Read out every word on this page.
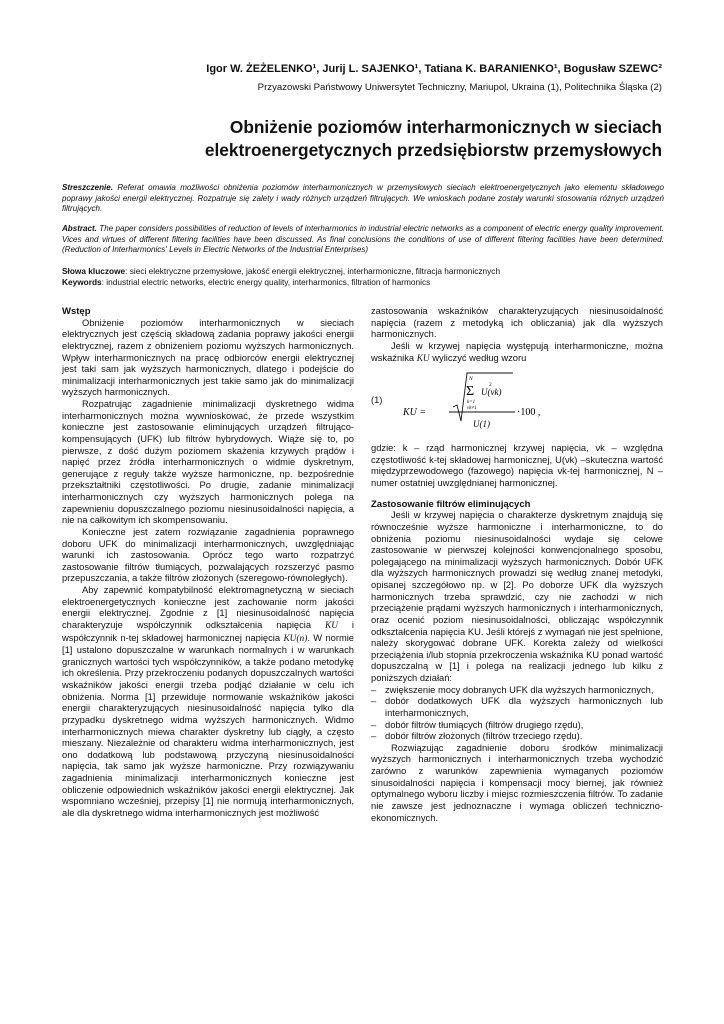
Igor W. ŻEŻELENKO¹, Jurij L. SAJENKO¹, Tatiana K. BARANIENKO¹, Bogusław SZEWC²
Przyazowski Państwowy Uniwersytet Techniczny, Mariupol, Ukraina (1), Politechnika Śląska (2)
Obniżenie poziomów interharmonicznych w sieciach
elektroenergetycznych przedsiębiorstw przemysłowych
Streszczenie. Referat omawia możliwości obniżenia poziomów interharmonicznych w przemysłowych sieciach elektroenergetycznych jako elementu składowego poprawy jakości energii elektrycznej. Rozpatruje się zalety i wady różnych urządzeń filtrujących. We wnioskach podane zostały warunki stosowania różnych urządzeń filtrujących.
Abstract. The paper considers possibilities of reduction of levels of interharmonics in industrial electric networks as a component of electric energy quality improvement. Vices and virtues of different filtering facilities have been discussed. As final conclusions the conditions of use of different filtering facilities have been determined. (Reduction of Interharmonics' Levels in Electric Networks of the Industrial Enterprises)
Słowa kluczowe: sieci elektryczne przemysłowe, jakość energii elektrycznej, interharmoniczne, filtracja harmonicznych
Keywords: industrial electric networks, electric energy quality, interharmonics, filtration of harmonics
Wstęp

Obniżenie poziomów interharmonicznych w sieciach elektrycznych jest częścią składową zadania poprawy jakości energii elektrycznej, razem z obniżeniem poziomu wyższych harmonicznych. Wpływ interharmonicznych na pracę odbiorców energii elektrycznej jest taki sam jak wyższych harmonicznych, dlatego i podejście do minimalizacji interharmonicznych jest takie samo jak do minimalizacji wyższych harmonicznych.

Rozpatrując zagadnienie minimalizacji dyskretnego widma interharmonicznych można wywnioskować, że przede wszystkim konieczne jest zastosowanie eliminujących urządzeń filtrująco-kompensujących (UFK) lub filtrów hybrydowych. Wiąże się to, po pierwsze, z dość dużym poziomem skażenia krzywych prądów i napięć przez źródła interharmonicznych o widmie dyskretnym, generujące z reguły także wyższe harmoniczne, np. bezpośrednie przekształtniki częstotliwości. Po drugie, zadanie minimalizacji interharmonicznych czy wyższych harmonicznych polega na zapewnieniu dopuszczalnego poziomu niesinusoidalności napięcia, a nie na całkowitym ich skompensowaniu.

Konieczne jest zatem rozwiązanie zagadnienia poprawnego doboru UFK do minimalizacji interharmonicznych, uwzględniając warunki ich zastosowania. Oprócz tego warto rozpatrzyć zastosowanie filtrów tłumiących, pozwalających rozszerzyć pasmo przepuszczania, a także filtrów złożonych (szeregowo-równoległych).

Aby zapewnić kompatybilność elektromagnetyczną w sieciach elektroenergetycznych konieczne jest zachowanie norm jakości energii elektrycznej. Zgodnie z [1] niesinusoidalność napięcia charakteryzuje współczynnik odkształcenia napięcia KU i współczynnik n-tej składowej harmonicznej napięcia KU(n). W normie [1] ustalono dopuszczalne w warunkach normalnych i w warunkach granicznych wartości tych współczynników, a także podano metodykę ich określenia. Przy przekroczeniu podanych dopuszczalnych wartości wskaźników jakości energii trzeba podjąć działanie w celu ich obniżenia. Norma [1] przewiduje normowanie wskaźników jakości energii charakteryzujących niesinusoidalność napięcia tylko dla przypadku dyskretnego widma wyższych harmonicznych. Widmo interharmonicznych miewa charakter dyskretny lub ciągły, a często mieszany. Niezależnie od charakteru widma interharmonicznych, jest ono dodatkową lub podstawową przyczyną niesinusoidalności napięcia, tak samo jak wyższe harmoniczne. Przy rozwiązywaniu zagadnienia minimalizacji interharmonicznych konieczne jest obliczenie odpowiednich wskaźników jakości energii elektrycznej. Jak wspomniano wcześniej, przepisy [1] nie normują interharmonicznych, ale dla dyskretnego widma interharmonicznych jest możliwość

zastosowania wskaźników charakteryzujących niesinusoidalność napięcia (razem z metodyką ich obliczania) jak dla wyższych harmonicznych.

Jeśli w krzywej napięcia występują interharmoniczne, można wskaźnika KU wyliczyć według wzoru

(1)
KU =
N
Σ
k=1
νk≠1
U(νk)
2
U(1)
·100 ,

gdzie: k – rząd harmonicznej krzywej napięcia, νk – względna częstotliwość k-tej składowej harmonicznej, U(νk) –skuteczna wartość międzyprzewodowego (fazowego) napięcia νk-tej harmonicznej, N – numer ostatniej uwzględnianej harmonicznej.

Zastosowanie filtrów eliminujących

Jeśli w krzywej napięcia o charakterze dyskretnym znajdują się równocześnie wyższe harmoniczne i interharmoniczne, to do obniżenia poziomu niesinusoidalności wydaje się celowe zastosowanie w pierwszej kolejności konwencjonalnego sposobu, polegającego na minimalizacji wyższych harmonicznych. Dobór UFK dla wyższych harmonicznych prowadzi się według znanej metodyki, opisanej szczegółowo np. w [2]. Po doborze UFK dla wyższych harmonicznych trzeba sprawdzić, czy nie zachodzi w nich przeciążenie prądami wyższych harmonicznych i interharmonicznych, oraz ocenić poziom niesinusoidalności, obliczając współczynnik odkształcenia napięcia KU. Jeśli którejś z wymagań nie jest spełnione, należy skorygować dobrane UFK. Korekta zależy od wielkości przeciążenia i/lub stopnia przekroczenia wskaźnika KU ponad wartość dopuszczalną w [1] i polega na realizacji jednego lub kilku z poniższych działań:

– zwiększenie mocy dobranych UFK dla wyższych harmonicznych,
– dobór dodatkowych UFK dla wyższych harmonicznych lub interharmonicznych,
– dobór filtrów tłumiących (filtrów drugiego rzędu),
– dobór filtrów złożonych (filtrów trzeciego rzędu).

Rozwiązując zagadnienie doboru środków minimalizacji wyższych harmonicznych i interharmonicznych trzeba wychodzić zarówno z warunków zapewnienia wymaganych poziomów sinusoidalności napięcia i kompensacji mocy biernej, jak również optymalnego wyboru liczby i miejsc rozmieszczenia filtrów. To zadanie nie zawsze jest jednoznaczne i wymaga obliczeń techniczno-ekonomicznych.
